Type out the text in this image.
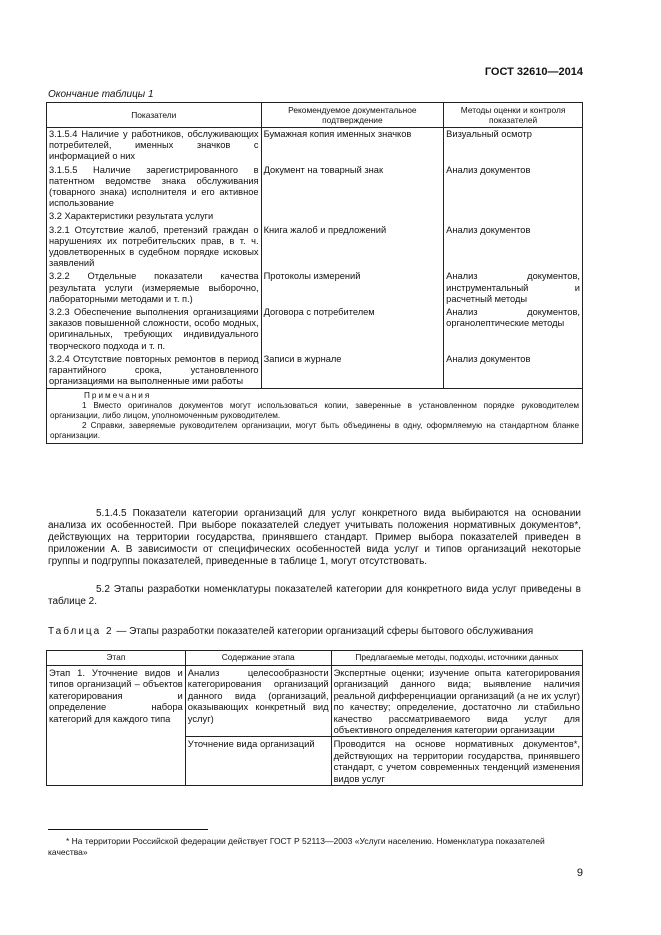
ГОСТ 32610—2014
Окончание таблицы 1
Показатели	Рекомендуемое документальное подтверждение	Методы оценки и контроля показателей
3.1.5.4 Наличие у работников, обслуживающих потребителей, именных значков с информацией о них	Бумажная копия именных значков	Визуальный осмотр
3.1.5.5 Наличие зарегистрированного в патентном ведомстве знака обслуживания (товарного знака) исполнителя и его активное использование	Документ на товарный знак	Анализ документов
3.2 Характеристики результата услуги		
3.2.1 Отсутствие жалоб, претензий граждан о нарушениях их потребительских прав, в т. ч. удовлетворенных в судебном порядке исковых заявлений	Книга жалоб и предложений	Анализ документов
3.2.2 Отдельные показатели качества результата услуги (измеряемые выборочно, лабораторными методами и т. п.)	Протоколы измерений	Анализ документов, инструментальный и расчетный методы
3.2.3 Обеспечение выполнения организациями заказов повышенной сложности, особо модных, оригинальных, требующих индивидуального творческого подхода и т. п.	Договора с потребителем	Анализ документов, органолептические методы
3.2.4 Отсутствие повторных ремонтов в период гарантийного срока, установленного организациями на выполненные ими работы	Записи в журнале	Анализ документов

Примечания
1 Вместо оригиналов документов могут использоваться копии, заверенные в установленном порядке руководителем организации, либо лицом, уполномоченным руководителем.
2 Справки, заверяемые руководителем организации, могут быть объединены в одну, оформляемую на стандартном бланке организации.		

5.1.4.5 Показатели категории организаций для услуг конкретного вида выбираются на основании анализа их особенностей. При выборе показателей следует учитывать положения нормативных документов*, действующих на территории государства, принявшего стандарт. Пример выбора показателей приведен в приложении А. В зависимости от специфических особенностей вида услуг и типов организаций некоторые группы и подгруппы показателей, приведенные в таблице 1, могут отсутствовать.

5.2 Этапы разработки номенклатуры показателей категории для конкретного вида услуг приведены в таблице 2.

Таблица 2 — Этапы разработки показателей категории организаций сферы бытового обслуживания
Этап	Содержание этапа	Предлагаемые методы, подходы, источники данных
Этап 1. Уточнение видов и типов организаций – объектов категорирования и определение набора категорий для каждого типа	Анализ целесообразности категорирования организаций данного вида (организаций, оказывающих конкретный вид услуг)	Экспертные оценки; изучение опыта категорирования организаций данного вида; выявление наличия реальной дифференциации организаций (а не их услуг) по качеству; определение, достаточно ли стабильно качество рассматриваемого вида услуг для объективного определения категории организации
	Уточнение вида организаций	Проводится на основе нормативных документов*, действующих на территории государства, принявшего стандарт, с учетом современных тенденций изменения видов услуг

* На территории Российской федерации действует ГОСТ Р 52113—2003 «Услуги населению. Номенклатура показателей качества»

9
